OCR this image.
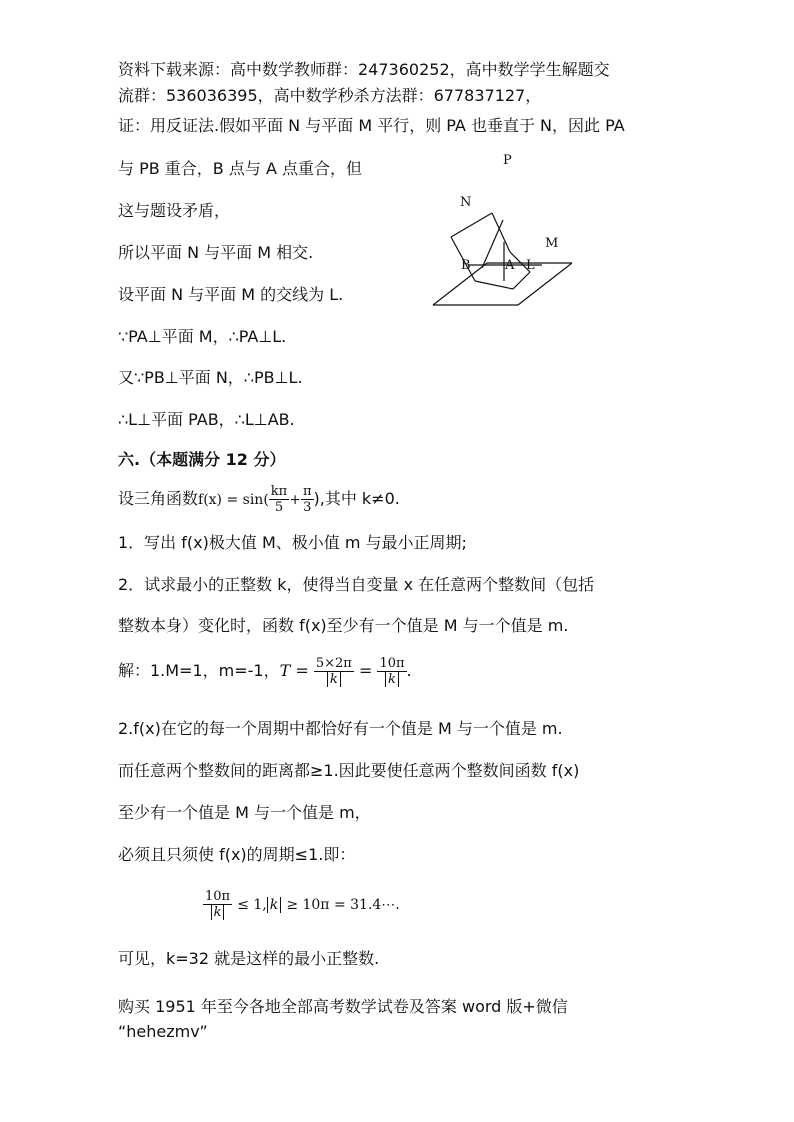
资料下载来源：高中数学教师群：247360252，高中数学学生解题交
流群：536036395，高中数学秒杀方法群：677837127，
证：用反证法.假如平面 N 与平面 M 平行，则 PA 也垂直于 N，因此 PA
与 PB 重合，B 点与 A 点重合，但
这与题设矛盾，
所以平面 N 与平面 M 相交.
设平面 N 与平面 M 的交线为 L.
∵PA⊥平面 M，∴PA⊥L.
又∵PB⊥平面 N，∴PB⊥L.
∴L⊥平面 PAB，∴L⊥AB.
P
N
M
B	A L
六.（本题满分 12 分）
设三角函数$f(x) = \sin( \frac{k\pi}{5} + \frac{\pi}{3}$ ),其中 k≠0.
1．写出 f(x)极大值 M、极小值 m 与最小正周期;
2．试求最小的正整数 k，使得当自变量 x 在任意两个整数间（包括
整数本身）变化时，函数 f(x)至少有一个值是 M 与一个值是 m.
解：1.M=1，m=-1，$T = \frac{5\times 2\pi}{k} = \frac{10\pi}{k}$ .
2.f(x)在它的每一个周期中都恰好有一个值是 M 与一个值是 m.
而任意两个整数间的距离都≥1.因此要使任意两个整数间函数 f(x)
至少有一个值是 M 与一个值是 m，
必须且只须使 f(x)的周期≤1.即：
$\frac{10\pi}{k} \le 1$, k ≥ 10π = 31.4⋯.
可见，k=32 就是这样的最小正整数.
购买 1951 年至今各地全部高考数学试卷及答案 word 版+微信
“hehezmv”
